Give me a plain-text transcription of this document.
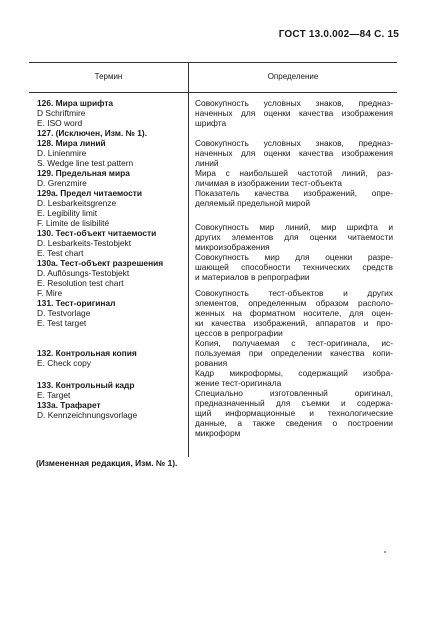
ГОСТ 13.0.002—84 С. 15
Термин	Определение
126. Мира шрифта
D Schriftmire
E. ISO word
127. (Исключен, Изм. № 1).
128. Мира линий
D. Linienmire
S. Wedge line test pattern
129. Предельная мира
D. Grenzmire
129a. Предел читаемости
D. Lesbarkeitsgrenze
E. Legibility limit
F. Limite de lisibilité
130. Тест-объект читаемости
D. Lesbarkeits-Testobjekt
E. Test chart
130a. Тест-объект разрешения
D. Auflösungs-Testobjekt
E. Resolution test chart
F. Mire
131. Тест-оригинал
D. Testvorlage
E. Test target
132. Контрольная копия
E. Check copy
133. Контрольный кадр
E. Target
133a. Трафарет
D. Kennzeichnungsvorlage
Совокупность условных знаков, предназ-
наченных для оценки качества изображения
шрифта
Совокупность условных знаков, предназ-
наченных для оценки качества изображения
линий
Мира с наибольшей частотой линий, раз-
личимая в изображении тест-объекта
Показатель качества изображений, опре-
деляемый предельной мирой
Совокупность мир линий, мир шрифта и
других элементов для оценки читаемости
микроизображения
Совокупность мир для оценки разре-
шающей способности технических средств
и материалов в репрографии
Совокупность тест-объектов и других
элементов, определенным образом располо-
женных на форматном носителе, для оцен-
ки качества изображений, аппаратов и про-
цессов в репрографии
Копия, получаемая с тест-оригинала, ис-
пользуемая при определении качества копи-
рования
Кадр микроформы, содержащий изобра-
жение тест-оригинала
Специально изготовленный оригинал,
предназначенный для съемки и содержа-
щий информационные и технологические
данные, а также сведения о построении
микроформ
(Измененная редакция, Изм. № 1).
